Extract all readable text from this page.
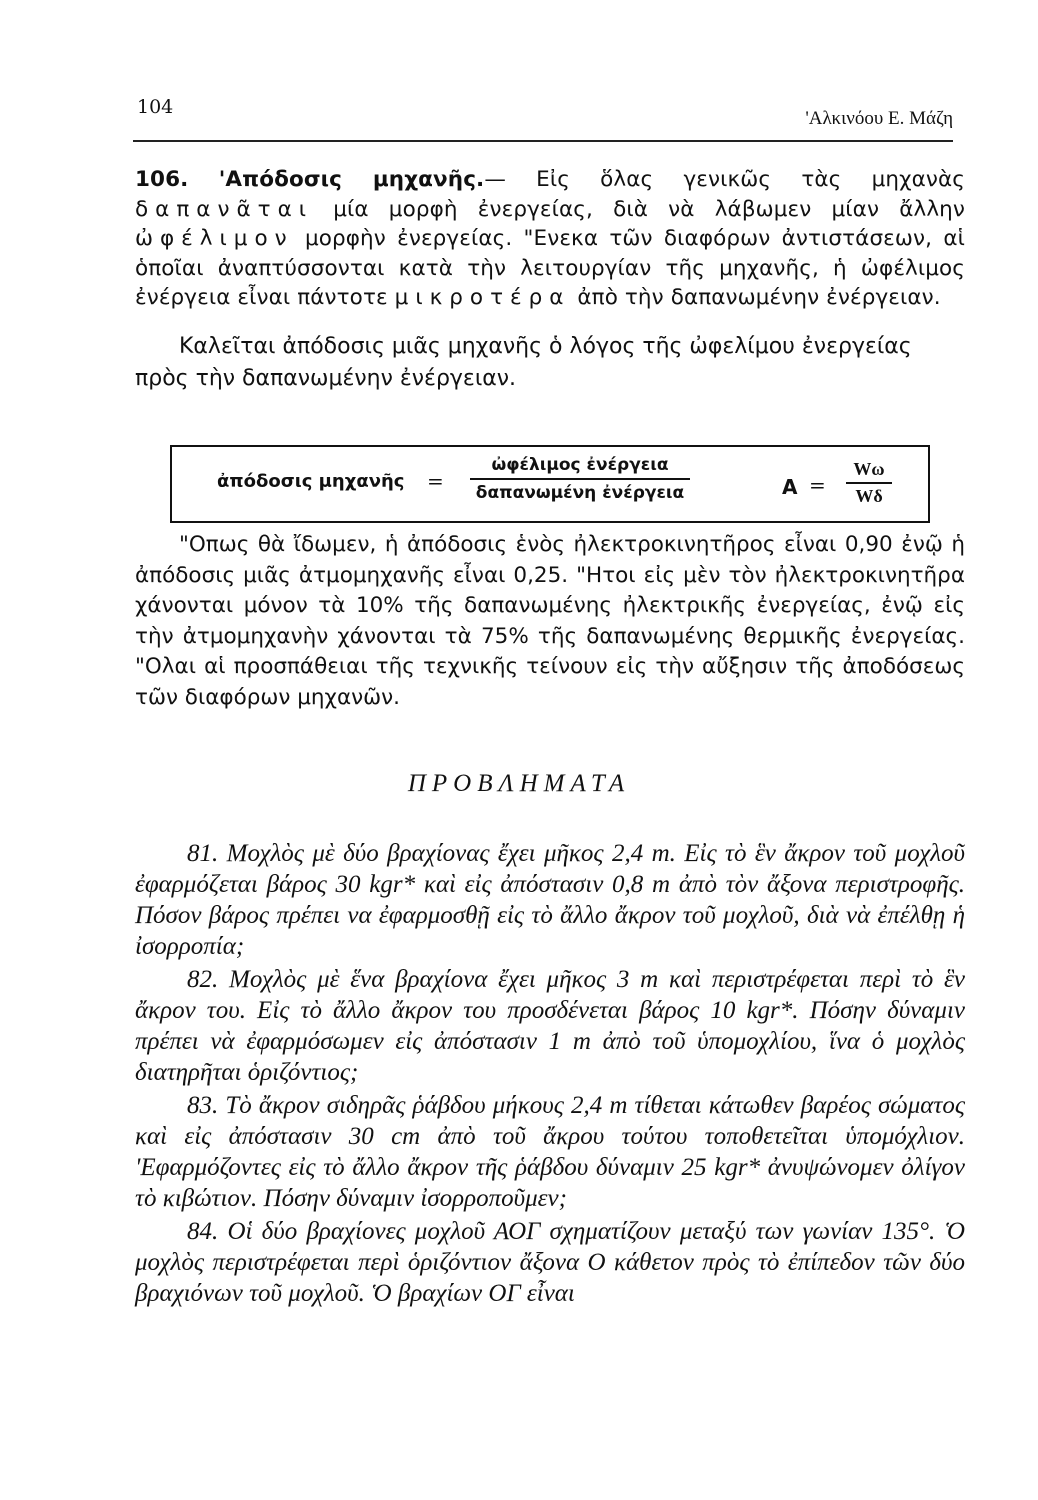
104
'Αλκινόου Ε. Μάζη

106. 'Απόδοσις μηχανῆς.— Εἰς ὅλας γενικῶς τὰς μηχανὰς δαπανᾶται μία μορφὴ ἐνεργείας, διὰ νὰ λάβωμεν μίαν ἄλλην ὠφέλιμον μορφὴν ἐνεργείας. "Ενεκα τῶν διαφόρων ἀντιστάσεων, αἱ ὁποῖαι ἀναπτύσσονται κατὰ τὴν λειτουργίαν τῆς μηχανῆς, ἡ ὠφέλιμος ἐνέργεια εἶναι πάντοτε μικροτέρα ἀπὸ τὴν δαπανωμένην ἐνέργειαν.

Καλεῖται ἀπόδοσις μιᾶς μηχανῆς ὁ λόγος τῆς ὠφελίμου ἐνεργείας πρὸς τὴν δαπανωμένην ἐνέργειαν.

ἀπόδοσις μηχανῆς =
ὠφέλιμος ἐνέργεια
δαπανωμένη ἐνέργεια	A =
Wω
Wδ

"Οπως θὰ ἴδωμεν, ἡ ἀπόδοσις ἑνὸς ἠλεκτροκινητῆρος εἶναι 0,90 ἐνῷ ἡ ἀπόδοσις μιᾶς ἀτμομηχανῆς εἶναι 0,25. "Ητοι εἰς μὲν τὸν ἠλεκτροκινητῆρα χάνονται μόνον τὰ 10% τῆς δαπανωμένης ἠλεκτρικῆς ἐνεργείας, ἐνῷ εἰς τὴν ἀτμομηχανὴν χάνονται τὰ 75% τῆς δαπανωμένης θερμικῆς ἐνεργείας. "Ολαι αἱ προσπάθειαι τῆς τεχνικῆς τείνουν εἰς τὴν αὔξησιν τῆς ἀποδόσεως τῶν διαφόρων μηχανῶν.

ΠΡΟΒΛΗΜΑΤΑ

81. Μοχλὸς μὲ δύο βραχίονας ἔχει μῆκος 2,4 m. Εἰς τὸ ἓν ἄκρον τοῦ μοχλοῦ ἐφαρμόζεται βάρος 30 kgr* καὶ εἰς ἀπόστασιν 0,8 m ἀπὸ τὸν ἄξονα περιστροφῆς. Πόσον βάρος πρέπει να ἐφαρμοσθῇ εἰς τὸ ἄλλο ἄκρον τοῦ μοχλοῦ, διὰ νὰ ἐπέλθῃ ἡ ἰσορροπία;

82. Μοχλὸς μὲ ἕνα βραχίονα ἔχει μῆκος 3 m καὶ περιστρέφεται περὶ τὸ ἓν ἄκρον του. Εἰς τὸ ἄλλο ἄκρον του προσδένεται βάρος 10 kgr*. Πόσην δύναμιν πρέπει νὰ ἐφαρμόσωμεν εἰς ἀπόστασιν 1 m ἀπὸ τοῦ ὑπομοχλίου, ἵνα ὁ μοχλὸς διατηρῆται ὁριζόντιος;

83. Τὸ ἄκρον σιδηρᾶς ῥάβδου μήκους 2,4 m τίθεται κάτωθεν βαρέος σώματος καὶ εἰς ἀπόστασιν 30 cm ἀπὸ τοῦ ἄκρου τούτου τοποθετεῖται ὑπομόχλιον. 'Εφαρμόζοντες εἰς τὸ ἄλλο ἄκρον τῆς ῥάβδου δύναμιν 25 kgr* ἀνυψώνομεν ὀλίγον τὸ κιβώτιον. Πόσην δύναμιν ἰσορροποῦμεν;

84. Οἱ δύο βραχίονες μοχλοῦ ΑΟΓ σχηματίζουν μεταξύ των γωνίαν 135°. Ὁ μοχλὸς περιστρέφεται περὶ ὁριζόντιον ἄξονα Ο κάθετον πρὸς τὸ ἐπίπεδον τῶν δύο βραχιόνων τοῦ μοχλοῦ. Ὁ βραχίων ΟΓ εἶναι
